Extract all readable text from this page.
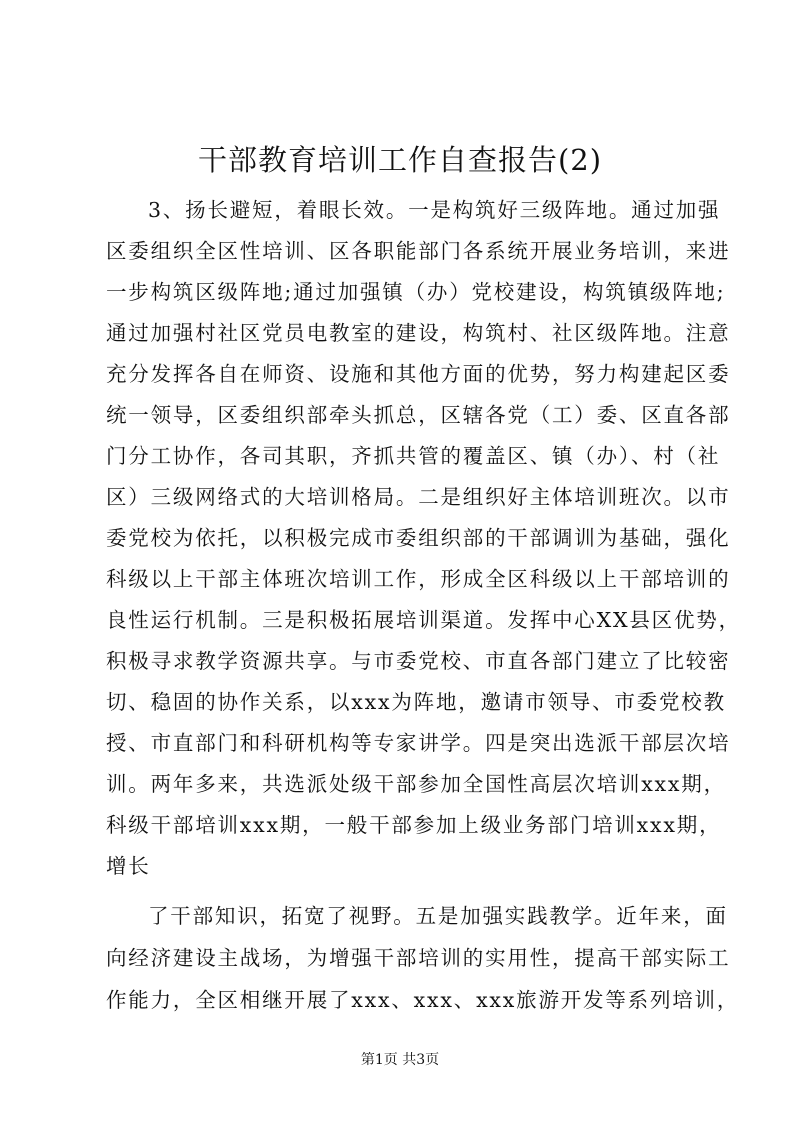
干部教育培训工作自查报告(2)
3、扬长避短，着眼长效。一是构筑好三级阵地。通过加强
区委组织全区性培训、区各职能部门各系统开展业务培训，来进
一步构筑区级阵地;通过加强镇（办）党校建设，构筑镇级阵地;
通过加强村社区党员电教室的建设，构筑村、社区级阵地。注意
充分发挥各自在师资、设施和其他方面的优势，努力构建起区委
统一领导，区委组织部牵头抓总，区辖各党（工）委、区直各部
门分工协作，各司其职，齐抓共管的覆盖区、镇（办）、村（社
区）三级网络式的大培训格局。二是组织好主体培训班次。以市
委党校为依托，以积极完成市委组织部的干部调训为基础，强化
科级以上干部主体班次培训工作，形成全区科级以上干部培训的
良性运行机制。三是积极拓展培训渠道。发挥中心XX县区优势，
积极寻求教学资源共享。与市委党校、市直各部门建立了比较密
切、稳固的协作关系，以xxx为阵地，邀请市领导、市委党校教
授、市直部门和科研机构等专家讲学。四是突出选派干部层次培
训。两年多来，共选派处级干部参加全国性高层次培训xxx期，
科级干部培训xxx期，一般干部参加上级业务部门培训xxx期，
增长
了干部知识，拓宽了视野。五是加强实践教学。近年来，面
向经济建设主战场，为增强干部培训的实用性，提高干部实际工
作能力，全区相继开展了xxx、xxx、xxx旅游开发等系列培训，
第1页 共3页
